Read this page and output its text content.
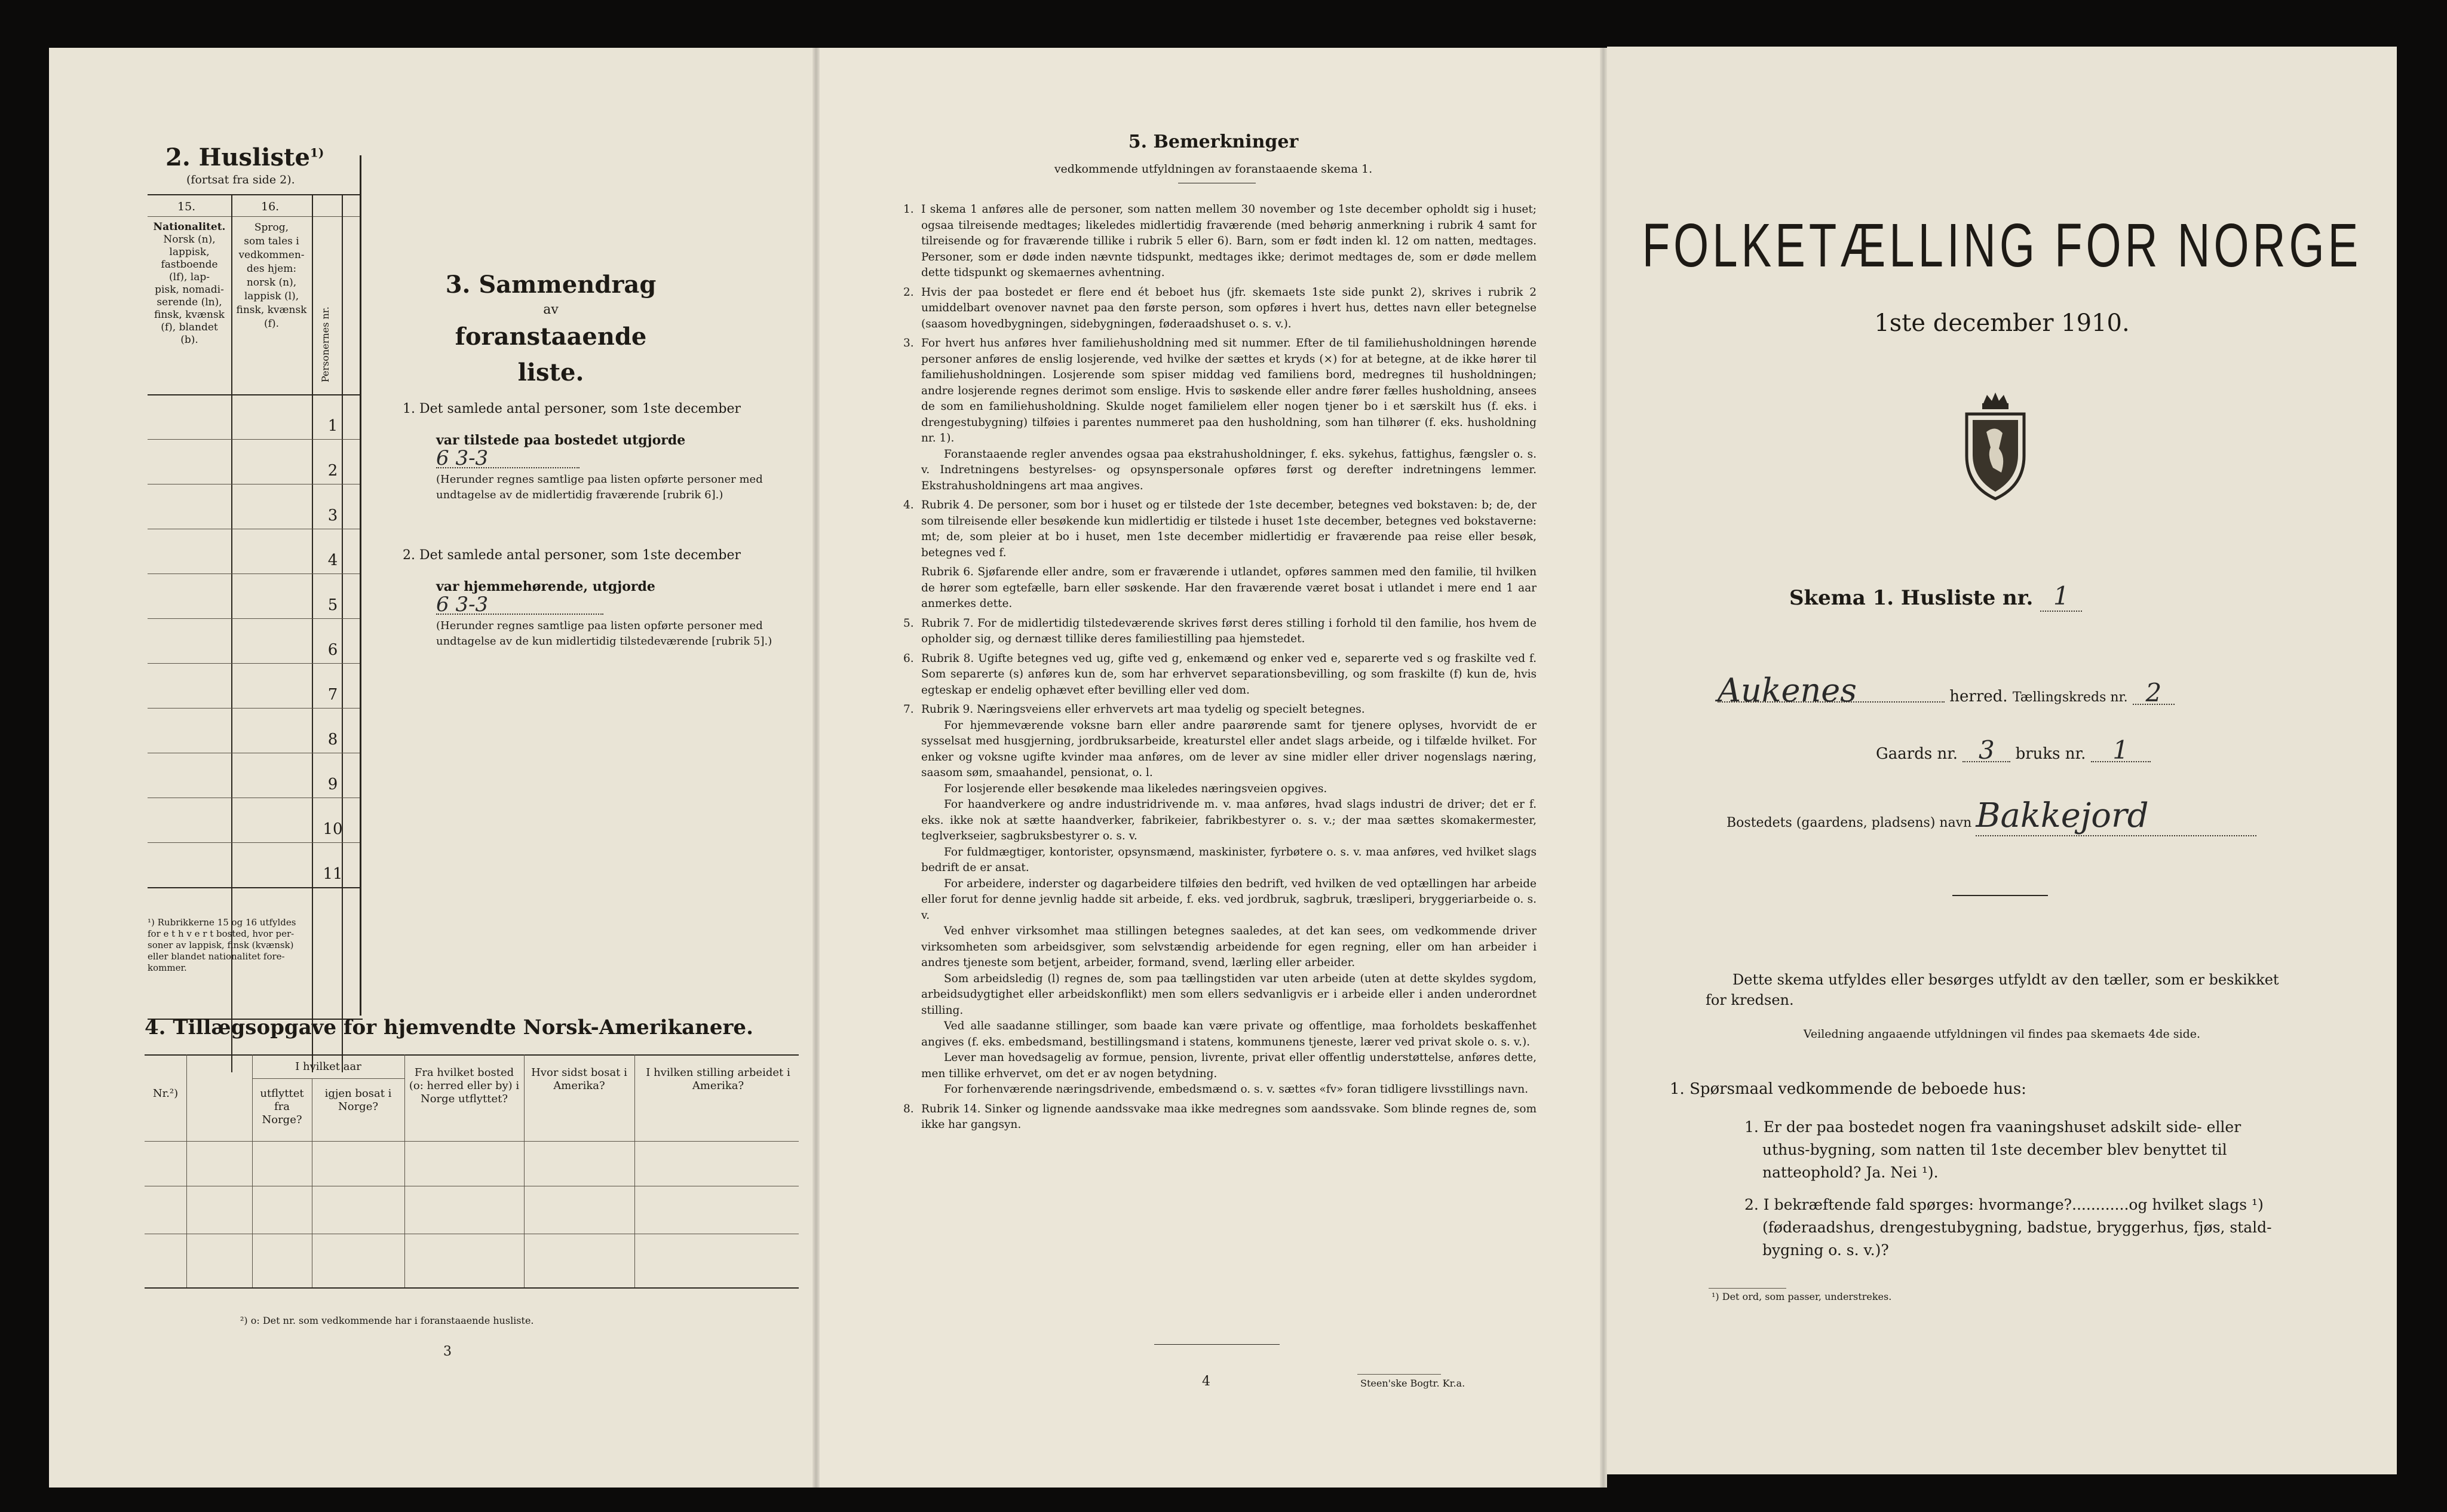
2. Husliste$^{1)}$
(fortsat fra side 2).
15.	16.
Nationalitet.
Norsk (n),
lappisk,
fastboende
(lf), lap-
pisk, nomadi-
serende (ln),
finsk, kvænsk
(f), blandet
(b).
Sprog,
som tales i
vedkommen-
des hjem:
norsk (n),
lappisk (l),
finsk, kvænsk
(f).	Personernes nr.
1
2
3
4
5
6
7
8
9
10
11
¹) Rubrikkerne 15 og 16 utfyldes
for e t h v e r t bosted, hvor per-
soner av lappisk, finsk (kvænsk)
eller blandet nationalitet fore-
kommer.
3. Sammendrag
av
foranstaaende liste.
1. Det samlede antal personer, som 1ste december
var tilstede paa bostedet utgjorde 6 3-3
(Herunder regnes samtlige paa listen opførte personer med
undtagelse av de midlertidig fraværende [rubrik 6].)
2. Det samlede antal personer, som 1ste december
var hjemmehørende, utgjorde 6 3-3
(Herunder regnes samtlige paa listen opførte personer med
undtagelse av de kun midlertidig tilstedeværende [rubrik 5].)
4. Tillægsopgave for hjemvendte Norsk-Amerikanere.
Nr.²)
I hvilket aar
utflyttet fra Norge?
igjen bosat i Norge?
Fra hvilket bosted (o: herred eller by) i Norge utflyttet?
Hvor sidst bosat i Amerika?
I hvilken stilling arbeidet i Amerika?
²) o: Det nr. som vedkommende har i foranstaaende husliste.
3
5. Bemerkninger
vedkommende utfyldningen av foranstaaende skema 1.

1. I skema 1 anføres alle de personer, som natten mellem 30 november og 1ste december opholdt sig i huset; ogsaa tilreisende medtages; likeledes midlertidig fraværende (med behørig anmerkning i rubrik 4 samt for tilreisende og for fraværende tillike i rubrik 5 eller 6). Barn, som er født inden kl. 12 om natten, medtages. Personer, som er døde inden nævnte tidspunkt, medtages ikke; derimot medtages de, som er døde mellem dette tidspunkt og skemaernes avhentning.

2. Hvis der paa bostedet er flere end ét beboet hus (jfr. skemaets 1ste side punkt 2), skrives i rubrik 2 umiddelbart ovenover navnet paa den første person, som opføres i hvert hus, dettes navn eller betegnelse (saasom hovedbygningen, sidebygningen, føderaadshuset o. s. v.).

3. For hvert hus anføres hver familiehusholdning med sit nummer. Efter de til familiehusholdningen hørende personer anføres de enslig losjerende, ved hvilke der sættes et kryds (×) for at betegne, at de ikke hører til familiehusholdningen. Losjerende som spiser middag ved familiens bord, medregnes til husholdningen; andre losjerende regnes derimot som enslige. Hvis to søskende eller andre fører fælles husholdning, ansees de som en familiehusholdning. Skulde noget familielem eller nogen tjener bo i et særskilt hus (f. eks. i drengestubygning) tilføies i parentes nummeret paa den husholdning, som han tilhører (f. eks. husholdning nr. 1).

Foranstaaende regler anvendes ogsaa paa ekstrahusholdninger, f. eks. sykehus, fattighus, fængsler o. s. v. Indretningens bestyrelses- og opsynspersonale opføres først og derefter indretningens lemmer. Ekstrahusholdningens art maa angives.

4. Rubrik 4. De personer, som bor i huset og er tilstede der 1ste december, betegnes ved bokstaven: b; de, der som tilreisende eller besøkende kun midlertidig er tilstede i huset 1ste december, betegnes ved bokstaverne: mt; de, som pleier at bo i huset, men 1ste december midlertidig er fraværende paa reise eller besøk, betegnes ved f.

Rubrik 6. Sjøfarende eller andre, som er fraværende i utlandet, opføres sammen med den familie, til hvilken de hører som egtefælle, barn eller søskende. Har den fraværende været bosat i utlandet i mere end 1 aar anmerkes dette.

5. Rubrik 7. For de midlertidig tilstedeværende skrives først deres stilling i forhold til den familie, hos hvem de opholder sig, og dernæst tillike deres familiestilling paa hjemstedet.

6. Rubrik 8. Ugifte betegnes ved ug, gifte ved g, enkemænd og enker ved e, separerte ved s og fraskilte ved f. Som separerte (s) anføres kun de, som har erhvervet separationsbevilling, og som fraskilte (f) kun de, hvis egteskap er endelig ophævet efter bevilling eller ved dom.

7. Rubrik 9. Næringsveiens eller erhvervets art maa tydelig og specielt betegnes.

For hjemmeværende voksne barn eller andre paarørende samt for tjenere oplyses, hvorvidt de er sysselsat med husgjerning, jordbruksarbeide, kreaturstel eller andet slags arbeide, og i tilfælde hvilket. For enker og voksne ugifte kvinder maa anføres, om de lever av sine midler eller driver nogenslags næring, saasom søm, smaahandel, pensionat, o. l.

For losjerende eller besøkende maa likeledes næringsveien opgives.

For haandverkere og andre industridrivende m. v. maa anføres, hvad slags industri de driver; det er f. eks. ikke nok at sætte haandverker, fabrikeier, fabrikbestyrer o. s. v.; der maa sættes skomakermester, teglverkseier, sagbruksbestyrer o. s. v.

For fuldmægtiger, kontorister, opsynsmænd, maskinister, fyrbøtere o. s. v. maa anføres, ved hvilket slags bedrift de er ansat.

For arbeidere, inderster og dagarbeidere tilføies den bedrift, ved hvilken de ved optællingen har arbeide eller forut for denne jevnlig hadde sit arbeide, f. eks. ved jordbruk, sagbruk, træsliperi, bryggeriarbeide o. s. v.

Ved enhver virksomhet maa stillingen betegnes saaledes, at det kan sees, om vedkommende driver virksomheten som arbeidsgiver, som selvstændig arbeidende for egen regning, eller om han arbeider i andres tjeneste som betjent, arbeider, formand, svend, lærling eller arbeider.

Som arbeidsledig (l) regnes de, som paa tællingstiden var uten arbeide (uten at dette skyldes sygdom, arbeidsudygtighet eller arbeidskonflikt) men som ellers sedvanligvis er i arbeide eller i anden underordnet stilling.

Ved alle saadanne stillinger, som baade kan være private og offentlige, maa forholdets beskaffenhet angives (f. eks. embedsmand, bestillingsmand i statens, kommunens tjeneste, lærer ved privat skole o. s. v.).

Lever man hovedsagelig av formue, pension, livrente, privat eller offentlig understøttelse, anføres dette, men tillike erhvervet, om det er av nogen betydning.

For forhenværende næringsdrivende, embedsmænd o. s. v. sættes «fv» foran tidligere livsstillings navn.

8. Rubrik 14. Sinker og lignende aandssvake maa ikke medregnes som aandssvake. Som blinde regnes de, som ikke har gangsyn.

4	Steen'ske Bogtr. Kr.a.
FOLKETÆLLING FOR NORGE
1ste december 1910.
Skema 1. Husliste nr. 1
Aukenes	herred. Tællingskreds nr. 2
Gaards nr. 3 bruks nr. 1
Bostedets (gaardens, pladsens) navn Bakkejord
Dette skema utfyldes eller besørges utfyldt av den tæller, som er beskikket for kredsen.
Veiledning angaaende utfyldningen vil findes paa skemaets 4de side.
1. Spørsmaal vedkommende de beboede hus:
1. Er der paa bostedet nogen fra vaaningshuset adskilt side- eller
uthus-bygning, som natten til 1ste december blev benyttet til
natteophold? Ja. Nei ¹).
2. I bekræftende fald spørges: hvormange?............og hvilket slags ¹)
(føderaadshus, drengestubygning, badstue, bryggerhus, fjøs, stald-
bygning o. s. v.)?
¹) Det ord, som passer, understrekes.
